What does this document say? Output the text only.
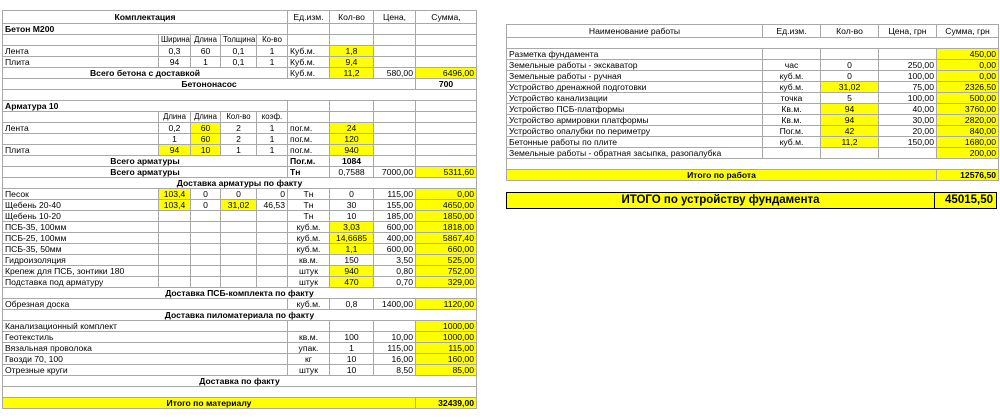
Комплектация					Ед.изм.	Кол-во	Цена,	Сумма,
Бетон М200								
	Ширина	Длина	Толщина	Ко-во				
Лента	0,3	60	0,1	1	Куб.м.	1,8		
Плита	94	1	0,1	1	Куб.м.	9,4		
Всего бетона с доставкой					Куб.м.	11,2	580,00	6496,00
Бетононасос								700

Арматура 10								
	Длина	Длина	Кол-во	коэф.				
Лента	0,2	60	2	1	пог.м.	24		
	1	60	2	1	пог.м.	120		
Плита	94	10	1	1	пог.м.	940		
Всего арматуры					Пог.м.	1084		
Всего арматуры					Тн	0,7588	7000,00	5311,60
Доставка арматуры по факту								
Песок	103,4	0	0	0	Тн	0	115,00	0,00
Щебень 20-40	103,4	0	31,02	46,53	Тн	30	155,00	4650,00
Щебень 10-20					Тн	10	185,00	1850,00
ПСБ-35, 100мм					куб.м.	3,03	600,00	1818,00
ПСБ-25, 100мм					куб.м.	14,6685	400,00	5867,40
ПСБ-35, 50мм					куб.м.	1,1	600,00	660,00
Гидроизоляция					кв.м.	150	3,50	525,00
Крепеж для ПСБ, зонтики 180					штук	940	0,80	752,00
Подставка под арматуру					штук	470	0,70	329,00
Доставка ПСБ-комплекта по факту								
Обрезная доска					куб.м.	0,8	1400,00	1120,00
Доставка пиломатериала по факту								
Канализационный комплект								1000,00
Геотекстиль					кв.м.	100	10,00	1000,00
Вязальная проволока					упак.	1	115,00	115,00
Гвозди 70, 100					кг	10	16,00	160,00
Отрезные круги					штук	10	8,50	85,00
Доставка по факту								

Итого по материалу								32439,00
Наименование работы	Ед.изм.	Кол-во	Цена, грн	Сумма, грн

Разметка фундамента				450,00
Земельные работы - экскаватор	час	0	250,00	0,00
Земельные работы - ручная	куб.м.	0	100,00	0,00
Устройство дренажной подготовки	куб.м.	31,02	75,00	2326,50
Устройство канализации	точка	5	100,00	500,00
Устройство ПСБ-платформы	Кв.м.	94	40,00	3760,00
Устройство армировки платформы	Кв.м.	94	30,00	2820,00
Устройство опалубки по периметру	Пог.м.	42	20,00	840,00
Бетонные работы по плите	куб.м.	11,2	150,00	1680,00
Земельные работы - обратная засыпка, разопалубка				200,00

Итого по работа				12576,50
ИТОГО по устройству фундамента	45015,50
